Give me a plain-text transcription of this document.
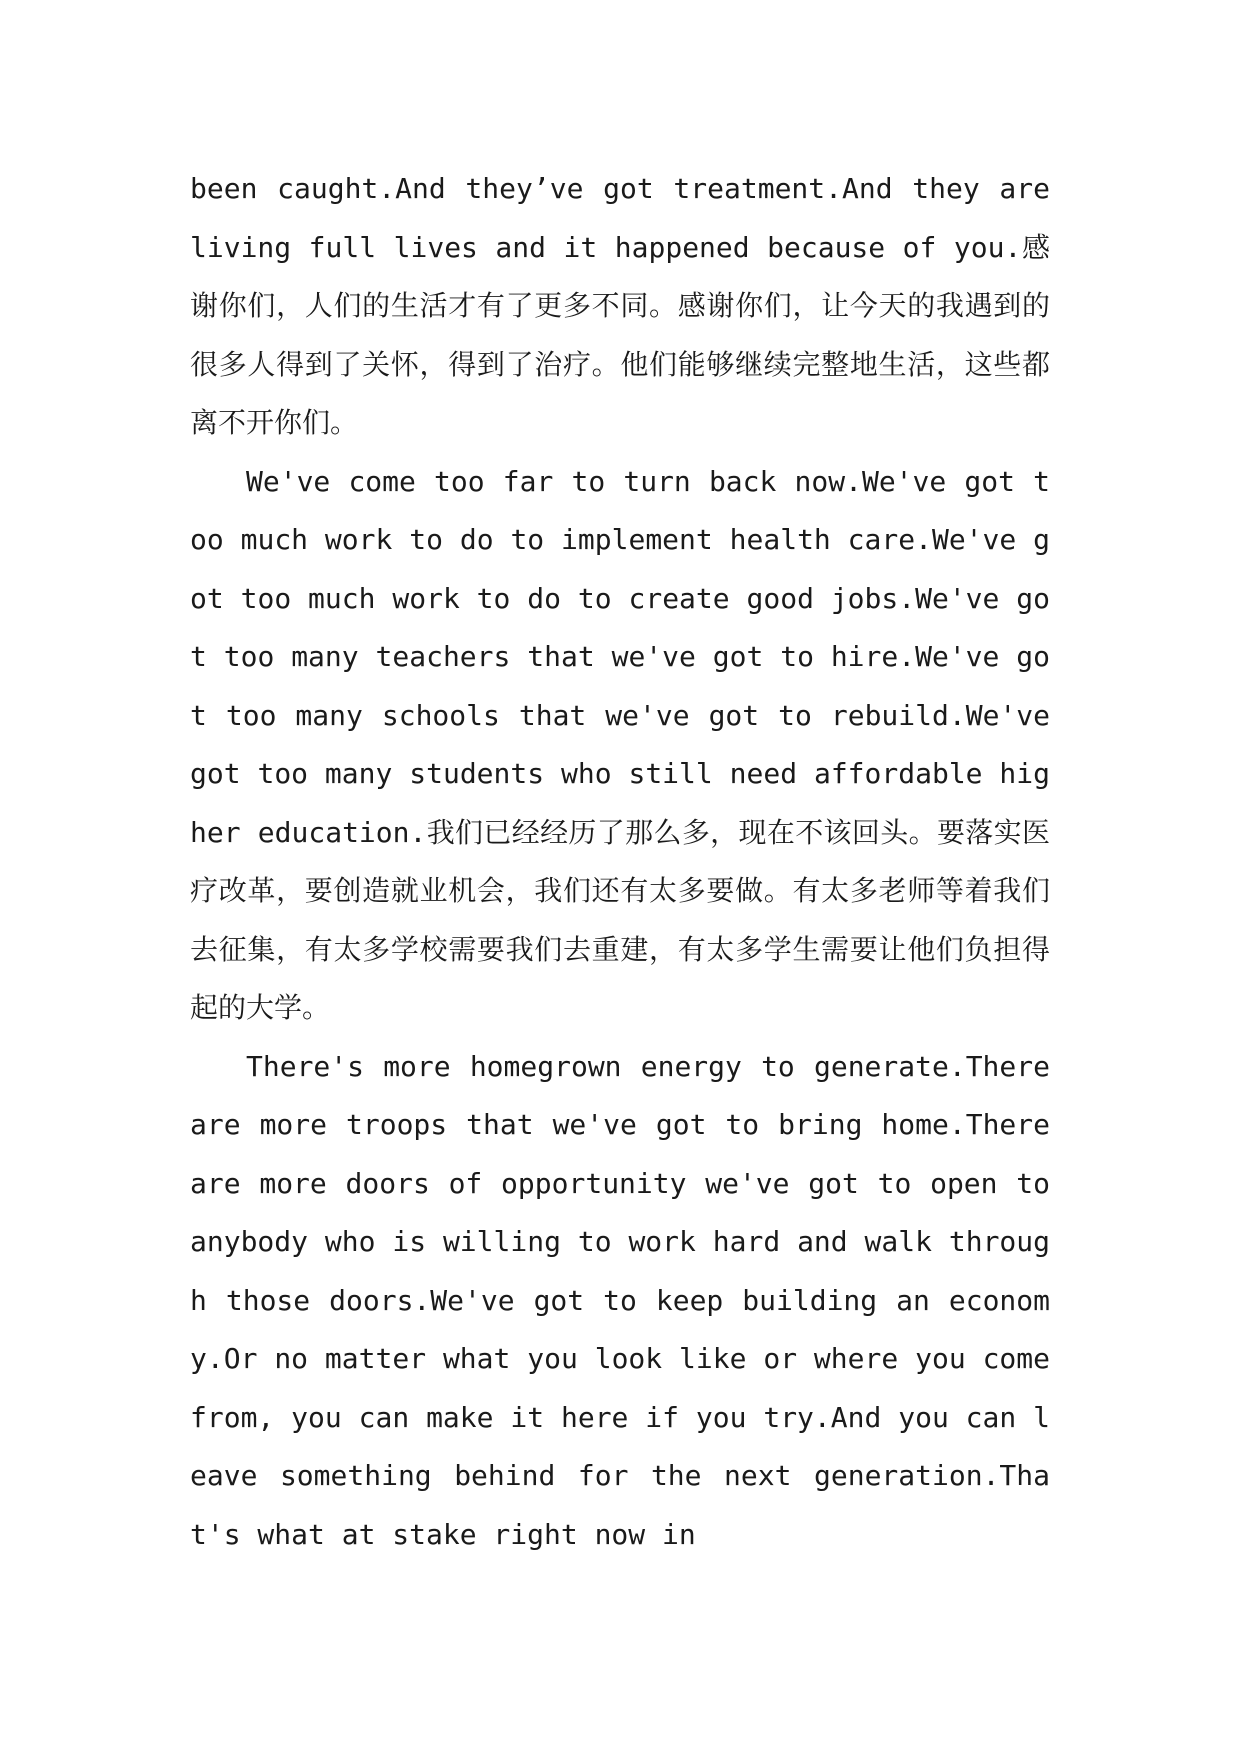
been caught.And they’ve got treatment.And they are living full lives and it happened because of you.感谢你们，人们的生活才有了更多不同。感谢你们，让今天的我遇到的很多人得到了关怀，得到了治疗。他们能够继续完整地生活，这些都离不开你们。

We've come too far to turn back now.We've got too much work to do to implement health care.We've got too much work to do to create good jobs.We've got too many teachers that we've got to hire.We've got too many schools that we've got to rebuild.We've got too many students who still need affordable higher education.我们已经经历了那么多，现在不该回头。要落实医疗改革，要创造就业机会，我们还有太多要做。有太多老师等着我们去征集，有太多学校需要我们去重建，有太多学生需要让他们负担得起的大学。

There's more homegrown energy to generate.There are more troops that we've got to bring home.There are more doors of opportunity we've got to open to anybody who is willing to work hard and walk through those doors.We've got to keep building an economy.Or no matter what you look like or where you come from, you can make it here if you try.And you can leave something behind for the next generation.That's what at stake right now in
